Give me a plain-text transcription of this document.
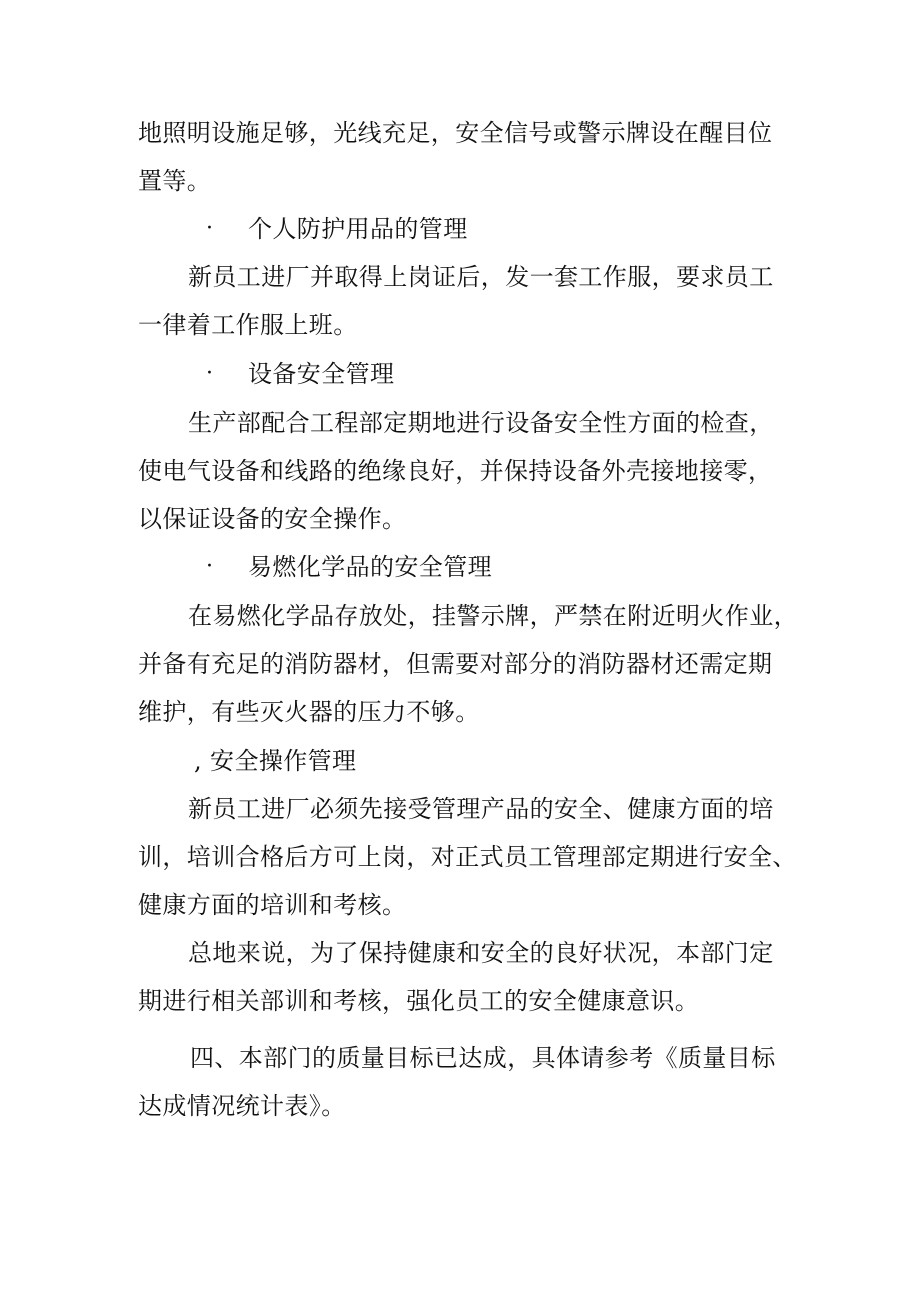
地照明设施足够，光线充足，安全信号或警示牌设在醒目位
置等。
· 个人防护用品的管理
新员工进厂并取得上岗证后，发一套工作服，要求员工
一律着工作服上班。
· 设备安全管理
生产部配合工程部定期地进行设备安全性方面的检查，
使电气设备和线路的绝缘良好，并保持设备外壳接地接零，
以保证设备的安全操作。
· 易燃化学品的安全管理
在易燃化学品存放处，挂警示牌，严禁在附近明火作业，
并备有充足的消防器材，但需要对部分的消防器材还需定期
维护，有些灭火器的压力不够。
, 安全操作管理
新员工进厂必须先接受管理产品的安全、健康方面的培
训，培训合格后方可上岗，对正式员工管理部定期进行安全、
健康方面的培训和考核。
总地来说，为了保持健康和安全的良好状况，本部门定
期进行相关部训和考核，强化员工的安全健康意识。
四、本部门的质量目标已达成，具体请参考《质量目标
达成情况统计表》。
